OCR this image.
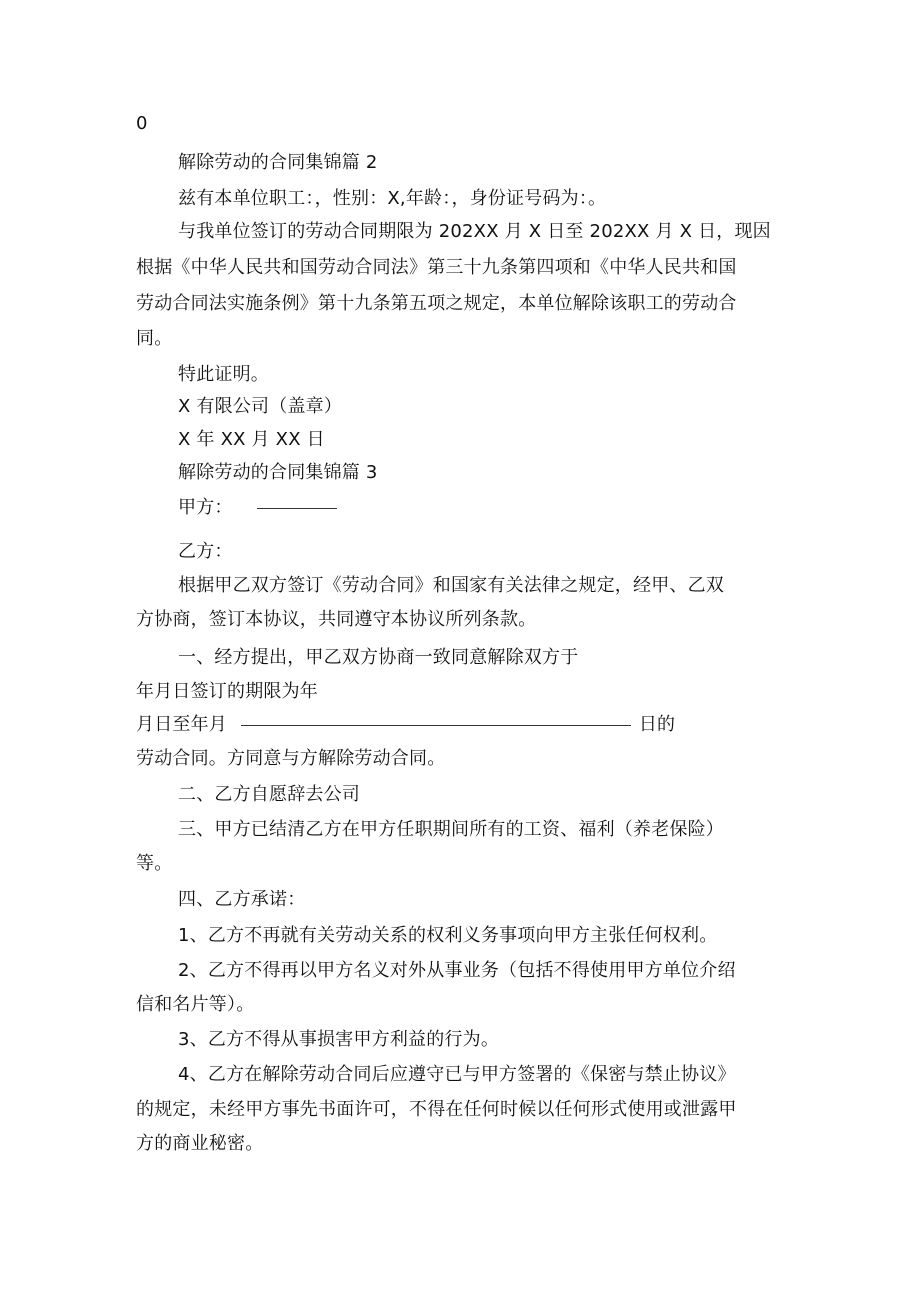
0
解除劳动的合同集锦篇 2
兹有本单位职工：，性别：X,年龄：，身份证号码为：。
与我单位签订的劳动合同期限为 202XX 月 X 日至 202XX 月 X 日，现因
根据《中华人民共和国劳动合同法》第三十九条第四项和《中华人民共和国
劳动合同法实施条例》第十九条第五项之规定，本单位解除该职工的劳动合
同。
特此证明。
X 有限公司（盖章）
X 年 XX 月 XX 日
解除劳动的合同集锦篇 3
甲方：
乙方：
根据甲乙双方签订《劳动合同》和国家有关法律之规定，经甲、乙双
方协商，签订本协议，共同遵守本协议所列条款。
一、经方提出，甲乙双方协商一致同意解除双方于
年月日签订的期限为年
月日至年月	日的
劳动合同。方同意与方解除劳动合同。
二、乙方自愿辞去公司
三、甲方已结清乙方在甲方任职期间所有的工资、福利（养老保险）
等。
四、乙方承诺：
1、乙方不再就有关劳动关系的权利义务事项向甲方主张任何权利。
2、乙方不得再以甲方名义对外从事业务（包括不得使用甲方单位介绍
信和名片等）。
3、乙方不得从事损害甲方利益的行为。
4、乙方在解除劳动合同后应遵守已与甲方签署的《保密与禁止协议》
的规定，未经甲方事先书面许可，不得在任何时候以任何形式使用或泄露甲
方的商业秘密。
